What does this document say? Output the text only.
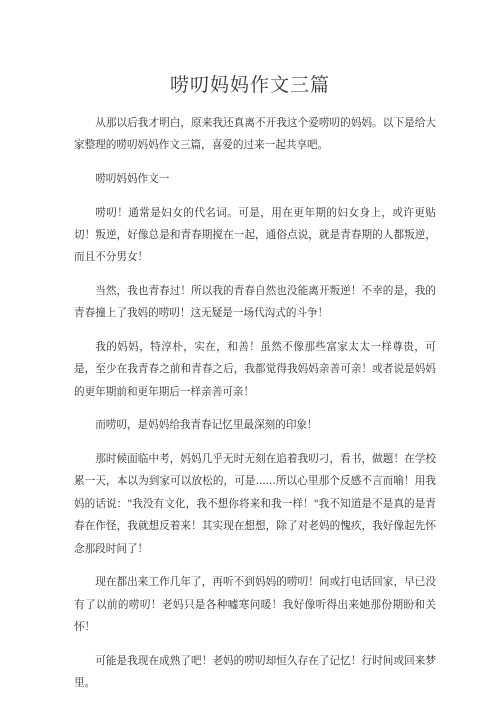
唠叨妈妈作文三篇

从那以后我才明白，原来我还真离不开我这个爱唠叨的妈妈。以下是给大家整理的唠叨妈妈作文三篇，喜爱的过来一起共享吧。

唠叨妈妈作文一

唠叨！通常是妇女的代名词。可是，用在更年期的妇女身上，或许更贴切！叛逆，好像总是和青春期搅在一起，通俗点说，就是青春期的人都叛逆，而且不分男女！

当然，我也青春过！所以我的青春自然也没能离开叛逆！不幸的是，我的青春撞上了我妈的唠叨！这无疑是一场代沟式的斗争！

我的妈妈，特淳朴，实在，和善！虽然不像那些富家太太一样尊贵，可是，至少在我青春之前和青春之后，我都觉得我妈妈亲善可亲！或者说是妈妈的更年期前和更年期后一样亲善可亲！

而唠叨，是妈妈给我青春记忆里最深刻的印象！

那时候面临中考，妈妈几乎无时无刻在追着我叨刁，看书，做题！在学校累一天，本以为到家可以放松的，可是......所以心里那个反感不言而喻！用我妈的话说："我没有文化，我不想你将来和我一样！"我不知道是不是真的是青春在作怪，我就想反着来！其实现在想想，除了对老妈的愧疚，我好像起先怀念那段时间了！

现在都出来工作几年了，再听不到妈妈的唠叨！间或打电话回家，早已没有了以前的唠叨！老妈只是各种嘘寒问暖！我好像听得出来她那份期盼和关怀！

可能是我现在成熟了吧！老妈的唠叨却恒久存在了记忆！行时间或回来梦里。
